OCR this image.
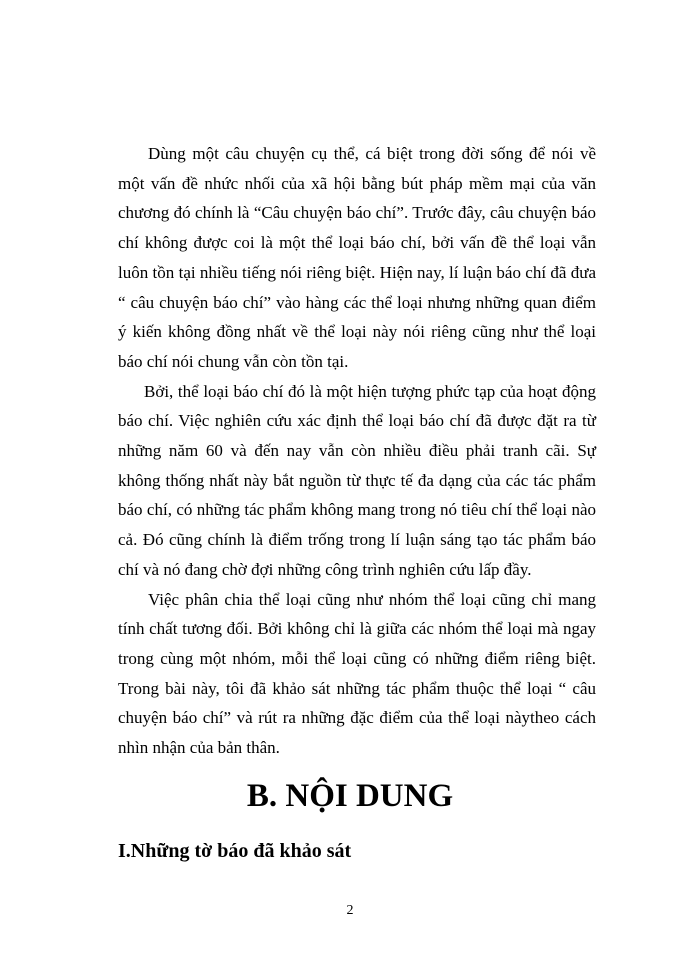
Dùng một câu chuyện cụ thể, cá biệt trong đời sống để nói về một vấn đề nhức nhối của xã hội bằng bút pháp mềm mại của văn chương đó chính là “Câu chuyện báo chí”. Trước đây, câu chuyện báo chí không được coi là một thể loại báo chí, bởi vấn đề thể loại vẫn luôn tồn tại nhiều tiếng nói riêng biệt. Hiện nay, lí luận báo chí đã đưa “ câu chuyện báo chí” vào hàng các thể loại nhưng những quan điểm ý kiến không đồng nhất về thể loại này nói riêng cũng như thể loại báo chí nói chung vẫn còn tồn tại.

Bởi, thể loại báo chí đó là một hiện tượng phức tạp của hoạt động báo chí. Việc nghiên cứu xác định thể loại báo chí đã được đặt ra từ những năm 60 và đến nay vẫn còn nhiều điều phải tranh cãi. Sự không thống nhất này bắt nguồn từ thực tế đa dạng của các tác phẩm báo chí, có những tác phẩm không mang trong nó tiêu chí thể loại nào cả. Đó cũng chính là điểm trống trong lí luận sáng tạo tác phẩm báo chí và nó đang chờ đợi những công trình nghiên cứu lấp đầy.

Việc phân chia thể loại cũng như nhóm thể loại cũng chỉ mang tính chất tương đối. Bởi không chỉ là giữa các nhóm thể loại mà ngay trong cùng một nhóm, mỗi thể loại cũng có những điểm riêng biệt. Trong bài này, tôi đã khảo sát những tác phẩm thuộc thể loại “ câu chuyện báo chí” và rút ra những đặc điểm của thể loại nàytheo cách nhìn nhận của bản thân.

B. NỘI DUNG
I.Những tờ báo đã khảo sát
2
